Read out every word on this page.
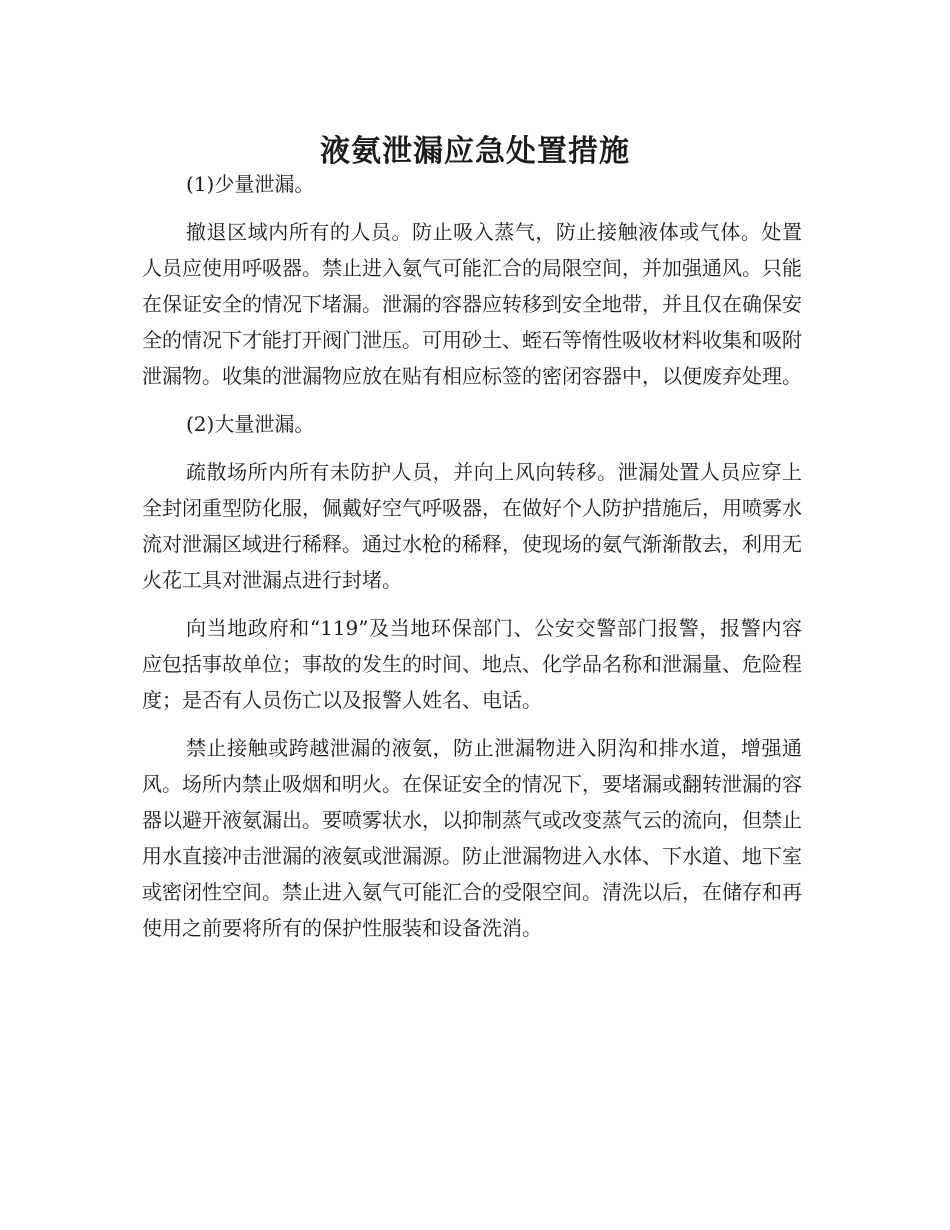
液氨泄漏应急处置措施

(1)少量泄漏。

撤退区域内所有的人员。防止吸入蒸气，防止接触液体或气体。处置人员应使用呼吸器。禁止进入氨气可能汇合的局限空间，并加强通风。只能在保证安全的情况下堵漏。泄漏的容器应转移到安全地带，并且仅在确保安全的情况下才能打开阀门泄压。可用砂土、蛭石等惰性吸收材料收集和吸附泄漏物。收集的泄漏物应放在贴有相应标签的密闭容器中，以便废弃处理。

(2)大量泄漏。

疏散场所内所有未防护人员，并向上风向转移。泄漏处置人员应穿上全封闭重型防化服，佩戴好空气呼吸器，在做好个人防护措施后，用喷雾水流对泄漏区域进行稀释。通过水枪的稀释，使现场的氨气渐渐散去，利用无火花工具对泄漏点进行封堵。

向当地政府和“119”及当地环保部门、公安交警部门报警，报警内容应包括事故单位；事故的发生的时间、地点、化学品名称和泄漏量、危险程度；是否有人员伤亡以及报警人姓名、电话。

禁止接触或跨越泄漏的液氨，防止泄漏物进入阴沟和排水道，增强通风。场所内禁止吸烟和明火。在保证安全的情况下，要堵漏或翻转泄漏的容器以避开液氨漏出。要喷雾状水，以抑制蒸气或改变蒸气云的流向，但禁止用水直接冲击泄漏的液氨或泄漏源。防止泄漏物进入水体、下水道、地下室或密闭性空间。禁止进入氨气可能汇合的受限空间。清洗以后，在储存和再使用之前要将所有的保护性服装和设备洗消。
